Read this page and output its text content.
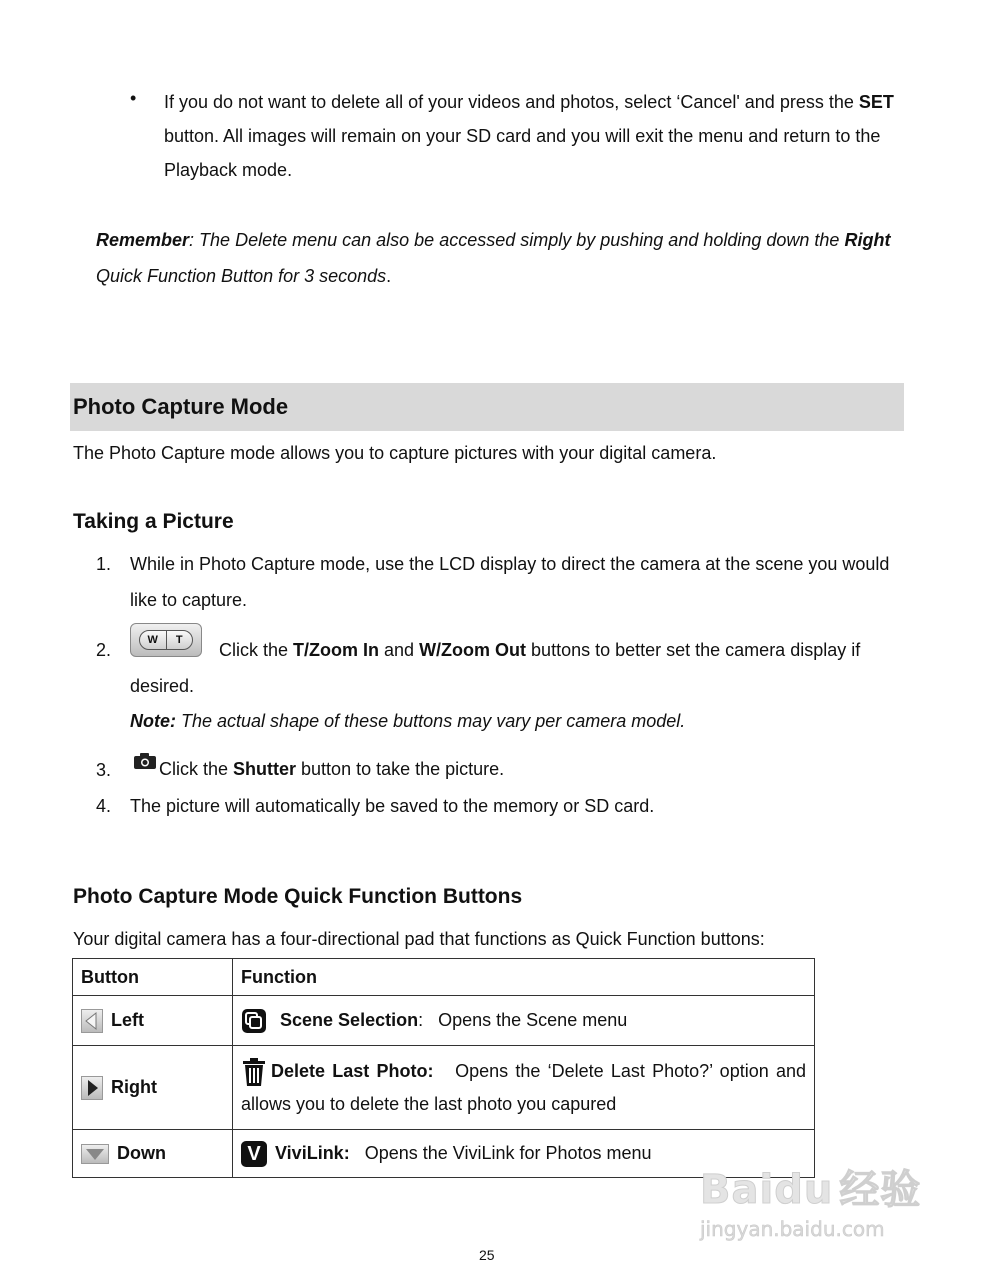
• If you do not want to delete all of your videos and photos, select ‘Cancel' and press the SET button. All images will remain on your SD card and you will exit the menu and return to the Playback mode.
Remember: The Delete menu can also be accessed simply by pushing and holding down the Right Quick Function Button for 3 seconds.
Photo Capture Mode
The Photo Capture mode allows you to capture pictures with your digital camera.
Taking a Picture
1.	While in Photo Capture mode, use the LCD display to direct the camera at the scene you would like to capture.
2.	W	T	Click the T/Zoom In and W/Zoom Out buttons to better set the camera display if desired.
Note: The actual shape of these buttons may vary per camera model.
3.	Click the Shutter button to take the picture.
4.	The picture will automatically be saved to the memory or SD card.
Photo Capture Mode Quick Function Buttons
Your digital camera has a four-directional pad that functions as Quick Function buttons:
Button	Function

Left	Scene Selection: Opens the Scene menu

Right	Delete Last Photo: Opens the ‘Delete Last Photo?’ option and allows you to delete the last photo you capured

Down	V ViviLink: Opens the ViviLink for Photos menu
Baidu 经验
jingyan.baidu.com
25
